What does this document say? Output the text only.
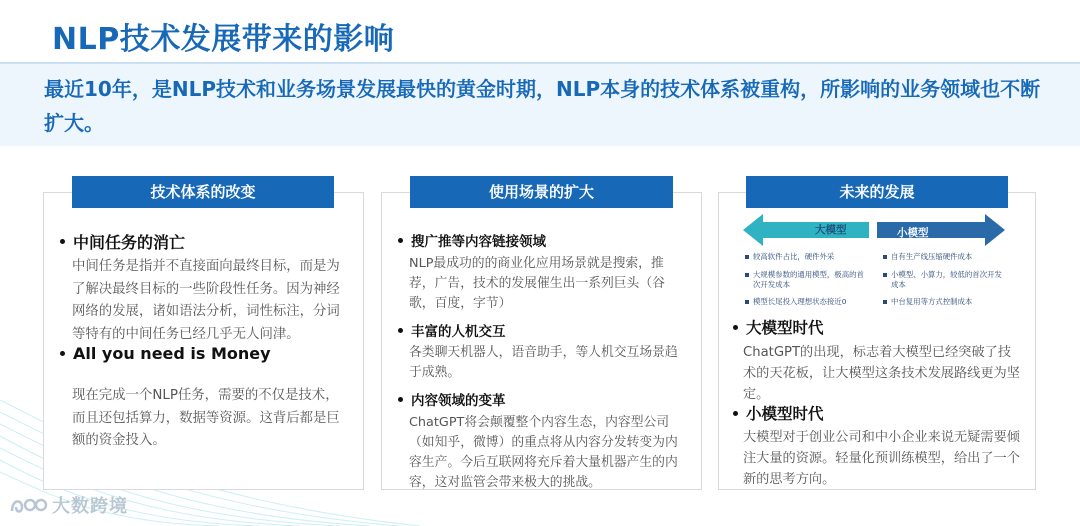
NLP技术发展带来的影响
最近10年，是NLP技术和业务场景发展最快的黄金时期，NLP本身的技术体系被重构，所影响的业务领域也不断扩大。
技术体系的改变
中间任务的消亡
中间任务是指并不直接面向最终目标，而是为了解决最终目标的一些阶段性任务。因为神经网络的发展，诸如语法分析，词性标注，分词等特有的中间任务已经几乎无人问津。
All you need is Money
现在完成一个NLP任务，需要的不仅是技术，而且还包括算力，数据等资源。这背后都是巨额的资金投入。
使用场景的扩大
搜广推等内容链接领域
NLP最成功的的商业化应用场景就是搜索，推荐，广告，技术的发展催生出一系列巨头（谷歌，百度，字节）
丰富的人机交互
各类聊天机器人，语音助手，等人机交互场景趋于成熟。
内容领域的变革
ChatGPT将会颠覆整个内容生态，内容型公司（如知乎，微博）的重点将从内容分发转变为内容生产。今后互联网将充斥着大量机器产生的内容，这对监管会带来极大的挑战。
未来的发展
大模型	小模型
较高软件占比，硬件外采
大规模参数的通用模型，极高的首次开发成本
模型长尾投入理想状态接近0
自有生产线压缩硬件成本
小模型、小算力，较低的首次开发成本
中台复用等方式控制成本
大模型时代
ChatGPT的出现，标志着大模型已经突破了技术的天花板，让大模型这条技术发展路线更为坚定。
小模型时代
大模型对于创业公司和中小企业来说无疑需要倾注大量的资源。轻量化预训练模型，给出了一个新的思考方向。
大数跨境
